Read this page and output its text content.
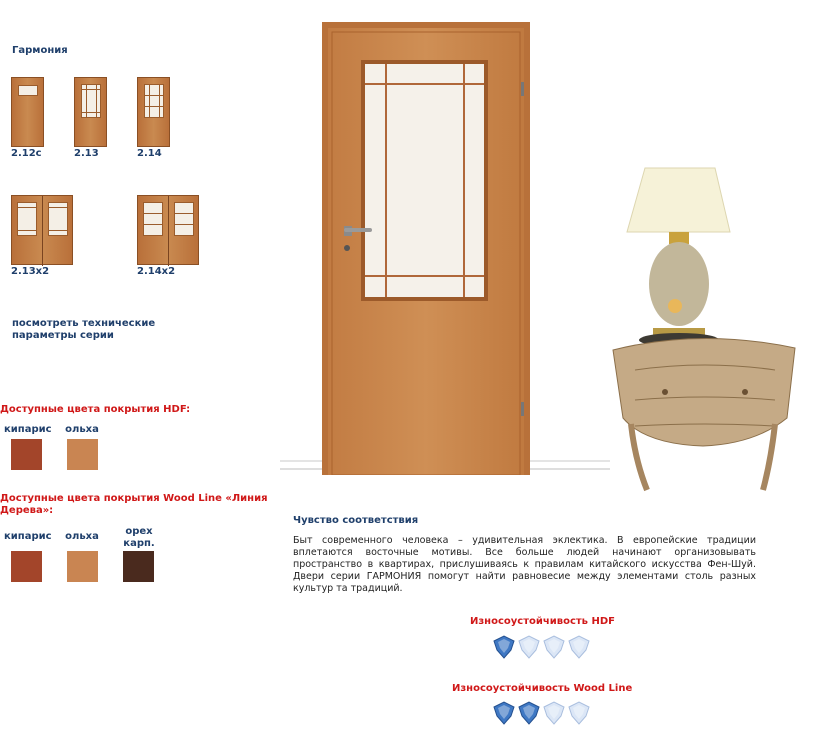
Гармония
2.12c	2.13	2.14
2.13х2	2.14х2
посмотреть технические параметры серии
Доступные цвета покрытия HDF:
кипарис	ольха
Доступные цвета покрытия Wood Line «Линия Дерева»:
кипарис	ольха	орех карп.
Чувство соответствия
Быт современного человека – удивительная эклектика. В европейские традиции вплетаются восточные мотивы. Все больше людей начинают организовывать пространство в квартирах, прислушиваясь к правилам китайского искусства Фен-Шуй. Двери серии ГАРМОНИЯ помогут найти равновесие между элементами столь разных культур та традиций.
Износоустойчивость HDF
Износоустойчивость Wood Line
